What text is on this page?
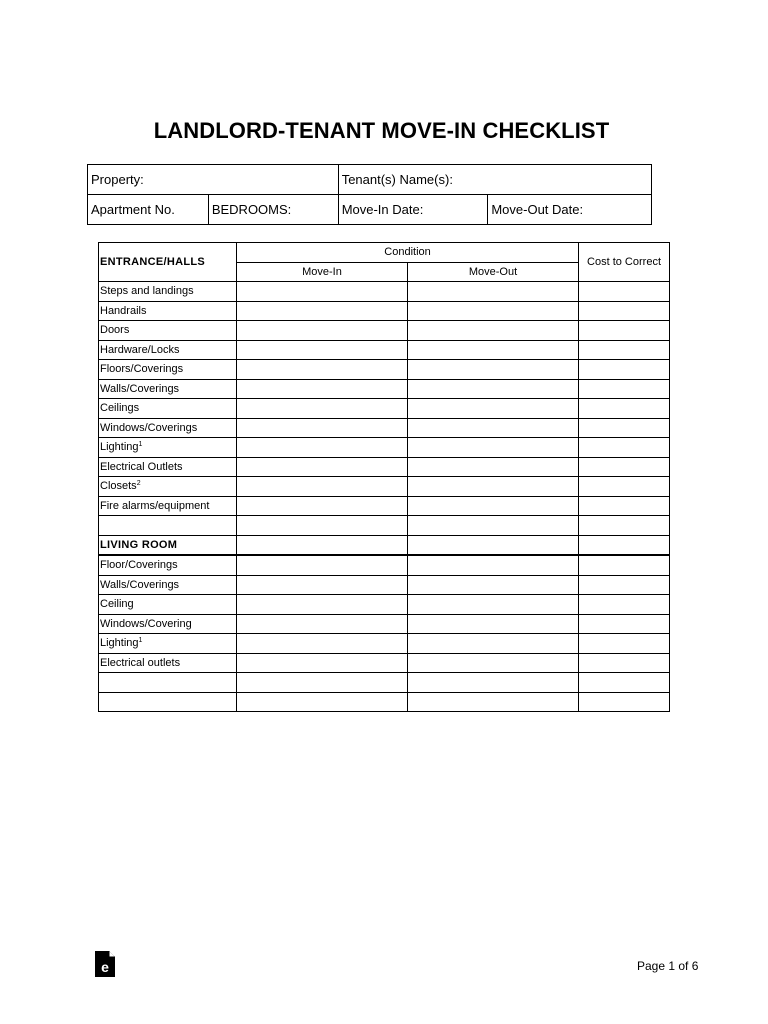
LANDLORD-TENANT MOVE-IN CHECKLIST
Property:		Tenant(s) Name(s):	
Apartment No.	BEDROOMS:	Move-In Date:	Move-Out Date:
ENTRANCE/HALLS	Condition		Cost to Correct
	Move-In	Move-Out	
Steps and landings			
Handrails			
Doors			
Hardware/Locks			
Floors/Coverings			
Walls/Coverings			
Ceilings			
Windows/Coverings			
Lighting$^1$			
Electrical Outlets			
Closets$^2$			
Fire alarms/equipment			

LIVING ROOM			
Floor/Coverings			
Walls/Coverings			
Ceiling			
Windows/Covering			
Lighting$^1$			
Electrical outlets			

e	Page 1 of 6
